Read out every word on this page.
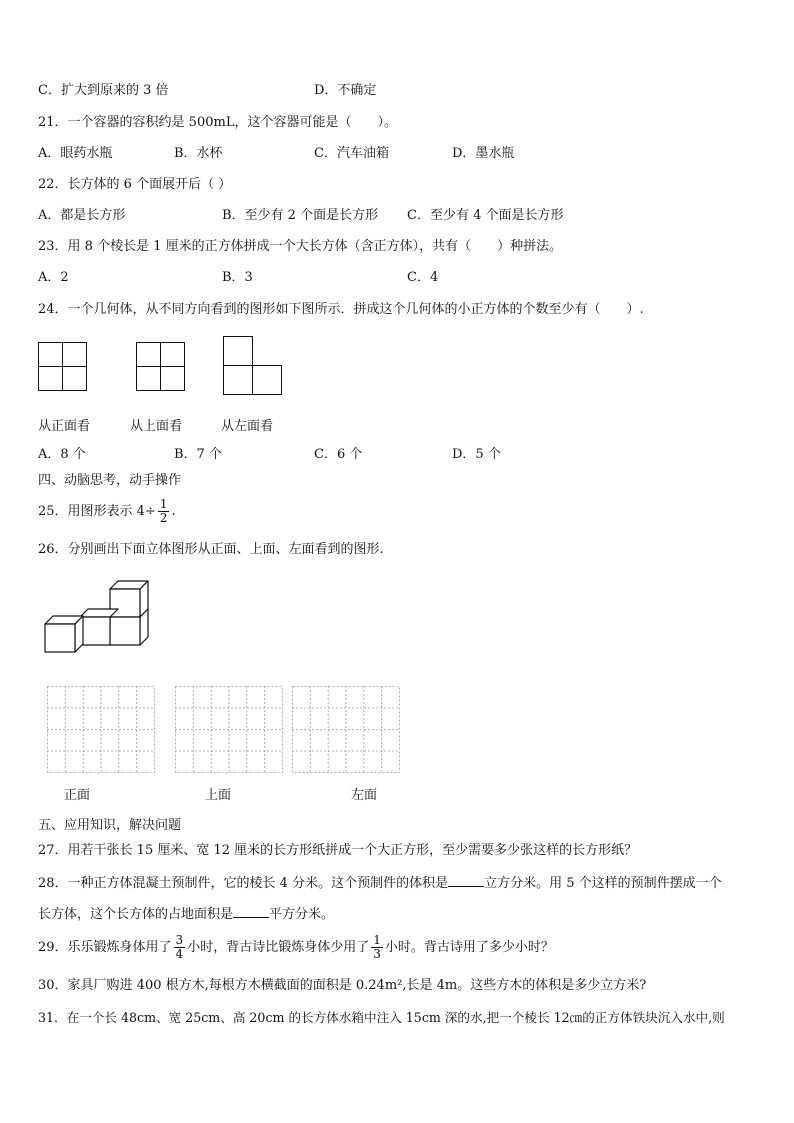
C．扩大到原来的 3 倍	D．不确定
21．一个容器的容积约是 500mL，这个容器可能是（　　）。
A．眼药水瓶	B．水杯	C．汽车油箱	D．墨水瓶
22．长方体的 6 个面展开后（ ）
A．都是长方形	B．至少有 2 个面是长方形 C．至少有 4 个面是长方形
23．用 8 个棱长是 1 厘米的正方体拼成一个大长方体（含正方体），共有（　　）种拼法。
A．2	B．3	C．4
24．一个几何体，从不同方向看到的图形如下图所示．拼成这个几何体的小正方体的个数至少有（　　）.
从正面看	从上面看	从左面看
A．8 个	B．7 个	C．6 个	D．5 个
四、动脑思考，动手操作
25．用图形表示 $4\div \frac{1}{2}$ .
26．分别画出下面立体图形从正面、上面、左面看到的图形.
正面	上面	左面
五、应用知识，解决问题
27．用若干张长 15 厘米、宽 12 厘米的长方形纸拼成一个大正方形，至少需要多少张这样的长方形纸？
28．一种正方体混凝土预制件，它的棱长 4 分米。这个预制件的体积是	立方分米。用 5 个这样的预制件摆成一个
长方体，这个长方体的占地面积是	平方分米。
29．乐乐锻炼身体用了 $\frac{3}{4}$ 小时，背古诗比锻炼身体少用了 $\frac{1}{3}$ 小时。背古诗用了多少小时？
30．家具厂购进 400 根方木,每根方木横截面的面积是 0.24m²,长是 4m。这些方木的体积是多少立方米?
31．在一个长 48cm、宽 25cm、高 20cm 的长方体水箱中注入 15cm 深的水,把一个棱长 12㎝的正方体铁块沉入水中,则
